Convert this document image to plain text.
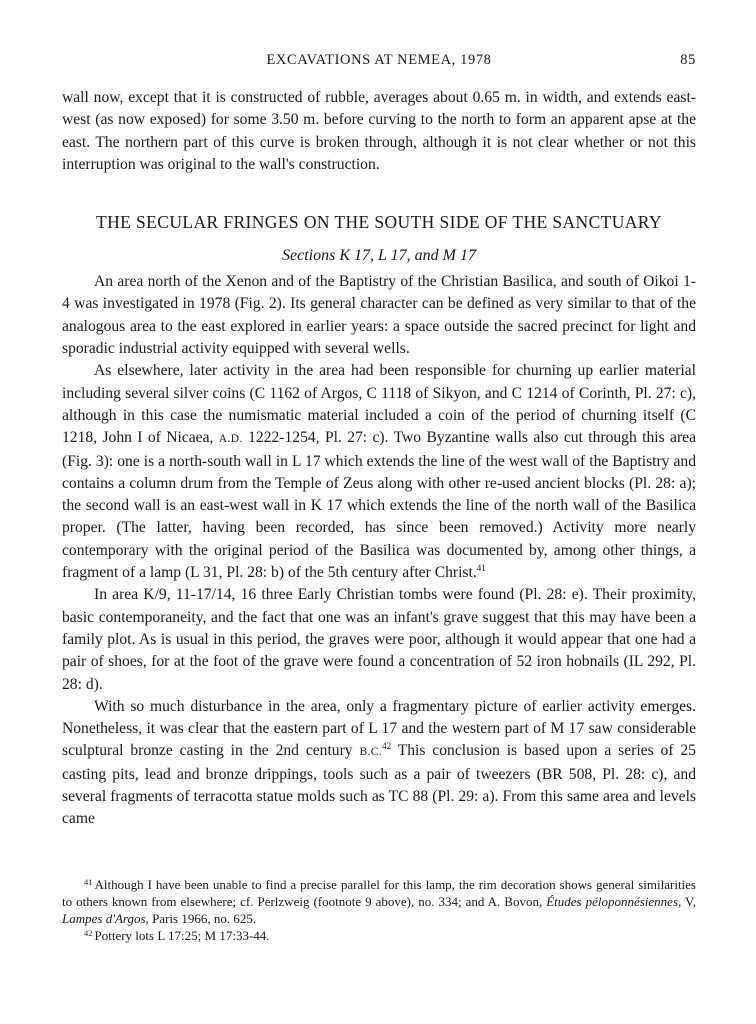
EXCAVATIONS AT NEMEA, 1978	85

wall now, except that it is constructed of rubble, averages about 0.65 m. in width, and extends east-west (as now exposed) for some 3.50 m. before curving to the north to form an apparent apse at the east. The northern part of this curve is broken through, although it is not clear whether or not this interruption was original to the wall's construction.

THE SECULAR FRINGES ON THE SOUTH SIDE OF THE SANCTUARY
Sections K 17, L 17, and M 17

An area north of the Xenon and of the Baptistry of the Christian Basilica, and south of Oikoi 1-4 was investigated in 1978 (Fig. 2). Its general character can be defined as very similar to that of the analogous area to the east explored in earlier years: a space outside the sacred precinct for light and sporadic industrial activity equipped with several wells.

As elsewhere, later activity in the area had been responsible for churning up earlier material including several silver coins (C 1162 of Argos, C 1118 of Sikyon, and C 1214 of Corinth, Pl. 27: c), although in this case the numismatic material included a coin of the period of churning itself (C 1218, John I of Nicaea, A.D. 1222-1254, Pl. 27: c). Two Byzantine walls also cut through this area (Fig. 3): one is a north-south wall in L 17 which extends the line of the west wall of the Baptistry and contains a column drum from the Temple of Zeus along with other re-used ancient blocks (Pl. 28: a); the second wall is an east-west wall in K 17 which extends the line of the north wall of the Basilica proper. (The latter, having been recorded, has since been removed.) Activity more nearly contemporary with the original period of the Basilica was documented by, among other things, a fragment of a lamp (L 31, Pl. 28: b) of the 5th century after Christ.$^{41}$

In area K/9, 11-17/14, 16 three Early Christian tombs were found (Pl. 28: e). Their proximity, basic contemporaneity, and the fact that one was an infant's grave suggest that this may have been a family plot. As is usual in this period, the graves were poor, although it would appear that one had a pair of shoes, for at the foot of the grave were found a concentration of 52 iron hobnails (IL 292, Pl. 28: d).

With so much disturbance in the area, only a fragmentary picture of earlier activity emerges. Nonetheless, it was clear that the eastern part of L 17 and the western part of M 17 saw considerable sculptural bronze casting in the 2nd century B.C.$^{42}$ This conclusion is based upon a series of 25 casting pits, lead and bronze drippings, tools such as a pair of tweezers (BR 508, Pl. 28: c), and several fragments of terracotta statue molds such as TC 88 (Pl. 29: a). From this same area and levels came

$^{41}$ Although I have been unable to find a precise parallel for this lamp, the rim decoration shows general similarities to others known from elsewhere; cf. Perlzweig (footnote 9 above), no. 334; and A. Bovon, Études péloponnésiennes, V, Lampes d'Argos, Paris 1966, no. 625.

$^{42}$ Pottery lots L 17:25; M 17:33-44.
